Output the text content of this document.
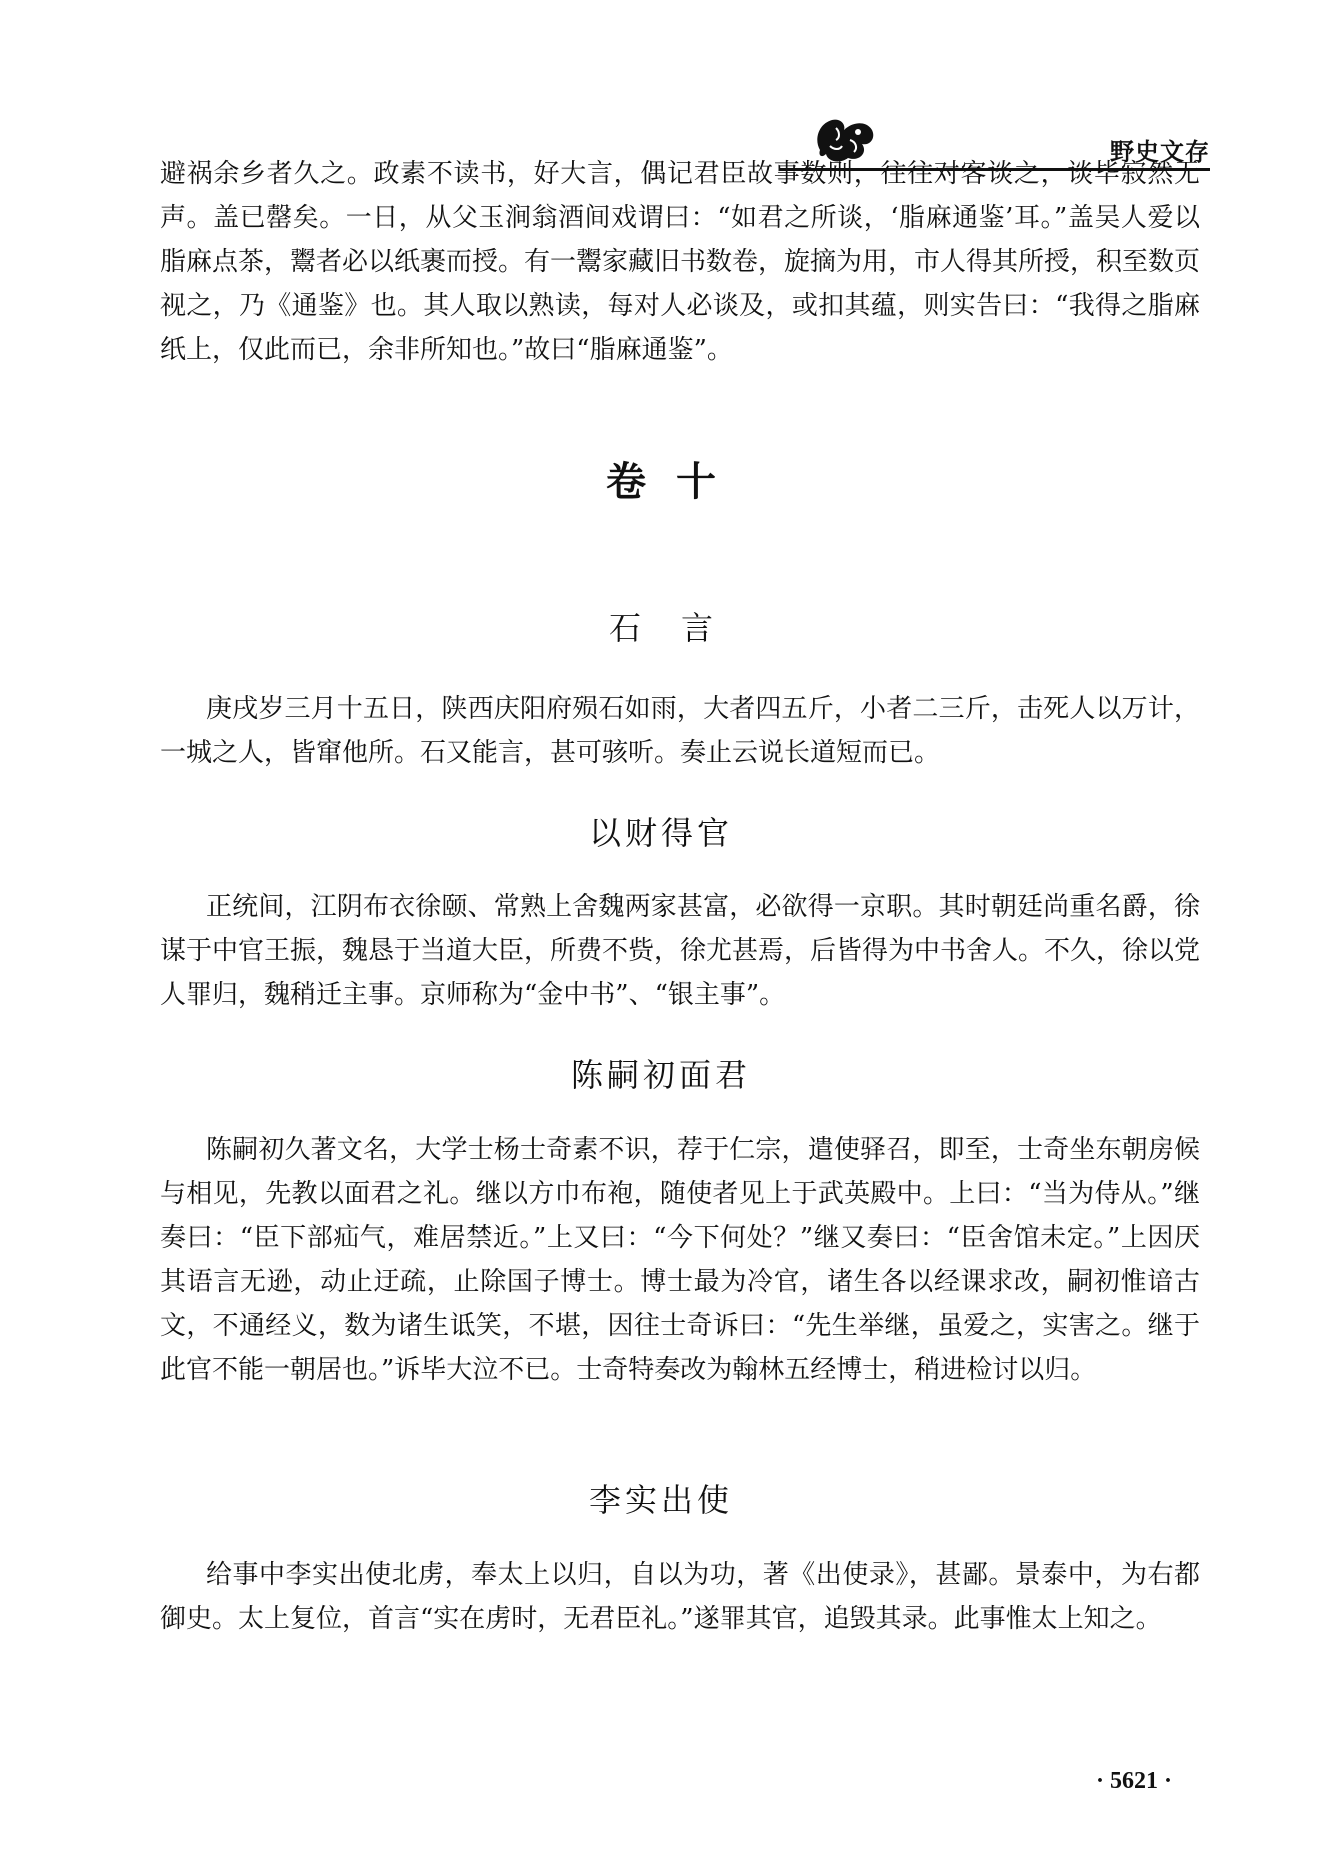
野史文存

避祸余乡者久之。政素不读书，好大言，偶记君臣故事数则，往往对客谈之，谈毕寂然无声。盖已罄矣。一日，从父玉涧翁酒间戏谓曰：“如君之所谈，‘脂麻通鉴’耳。”盖吴人爱以脂麻点茶，鬻者必以纸裹而授。有一鬻家藏旧书数卷，旋摘为用，市人得其所授，积至数页视之，乃《通鉴》也。其人取以熟读，每对人必谈及，或扣其蕴，则实告曰：“我得之脂麻纸上，仅此而已，余非所知也。”故曰“脂麻通鉴”。

卷十
石言

庚戌岁三月十五日，陕西庆阳府殒石如雨，大者四五斤，小者二三斤，击死人以万计，一城之人，皆窜他所。石又能言，甚可骇听。奏止云说长道短而已。

以财得官

正统间，江阴布衣徐颐、常熟上舍魏两家甚富，必欲得一京职。其时朝廷尚重名爵，徐谋于中官王振，魏恳于当道大臣，所费不赀，徐尤甚焉，后皆得为中书舍人。不久，徐以党人罪归，魏稍迁主事。京师称为“金中书”、“银主事”。

陈嗣初面君

陈嗣初久著文名，大学士杨士奇素不识，荐于仁宗，遣使驿召，即至，士奇坐东朝房候与相见，先教以面君之礼。继以方巾布袍，随使者见上于武英殿中。上曰：“当为侍从。”继奏曰：“臣下部疝气，难居禁近。”上又曰：“今下何处？”继又奏曰：“臣舍馆未定。”上因厌其语言无逊，动止迂疏，止除国子博士。博士最为冷官，诸生各以经课求改，嗣初惟谙古文，不通经义，数为诸生诋笑，不堪，因往士奇诉曰：“先生举继，虽爱之，实害之。继于此官不能一朝居也。”诉毕大泣不已。士奇特奏改为翰林五经博士，稍进检讨以归。

李实出使

给事中李实出使北虏，奉太上以归，自以为功，著《出使录》，甚鄙。景泰中，为右都御史。太上复位，首言“实在虏时，无君臣礼。”遂罪其官，追毁其录。此事惟太上知之。

· 5621 ·
